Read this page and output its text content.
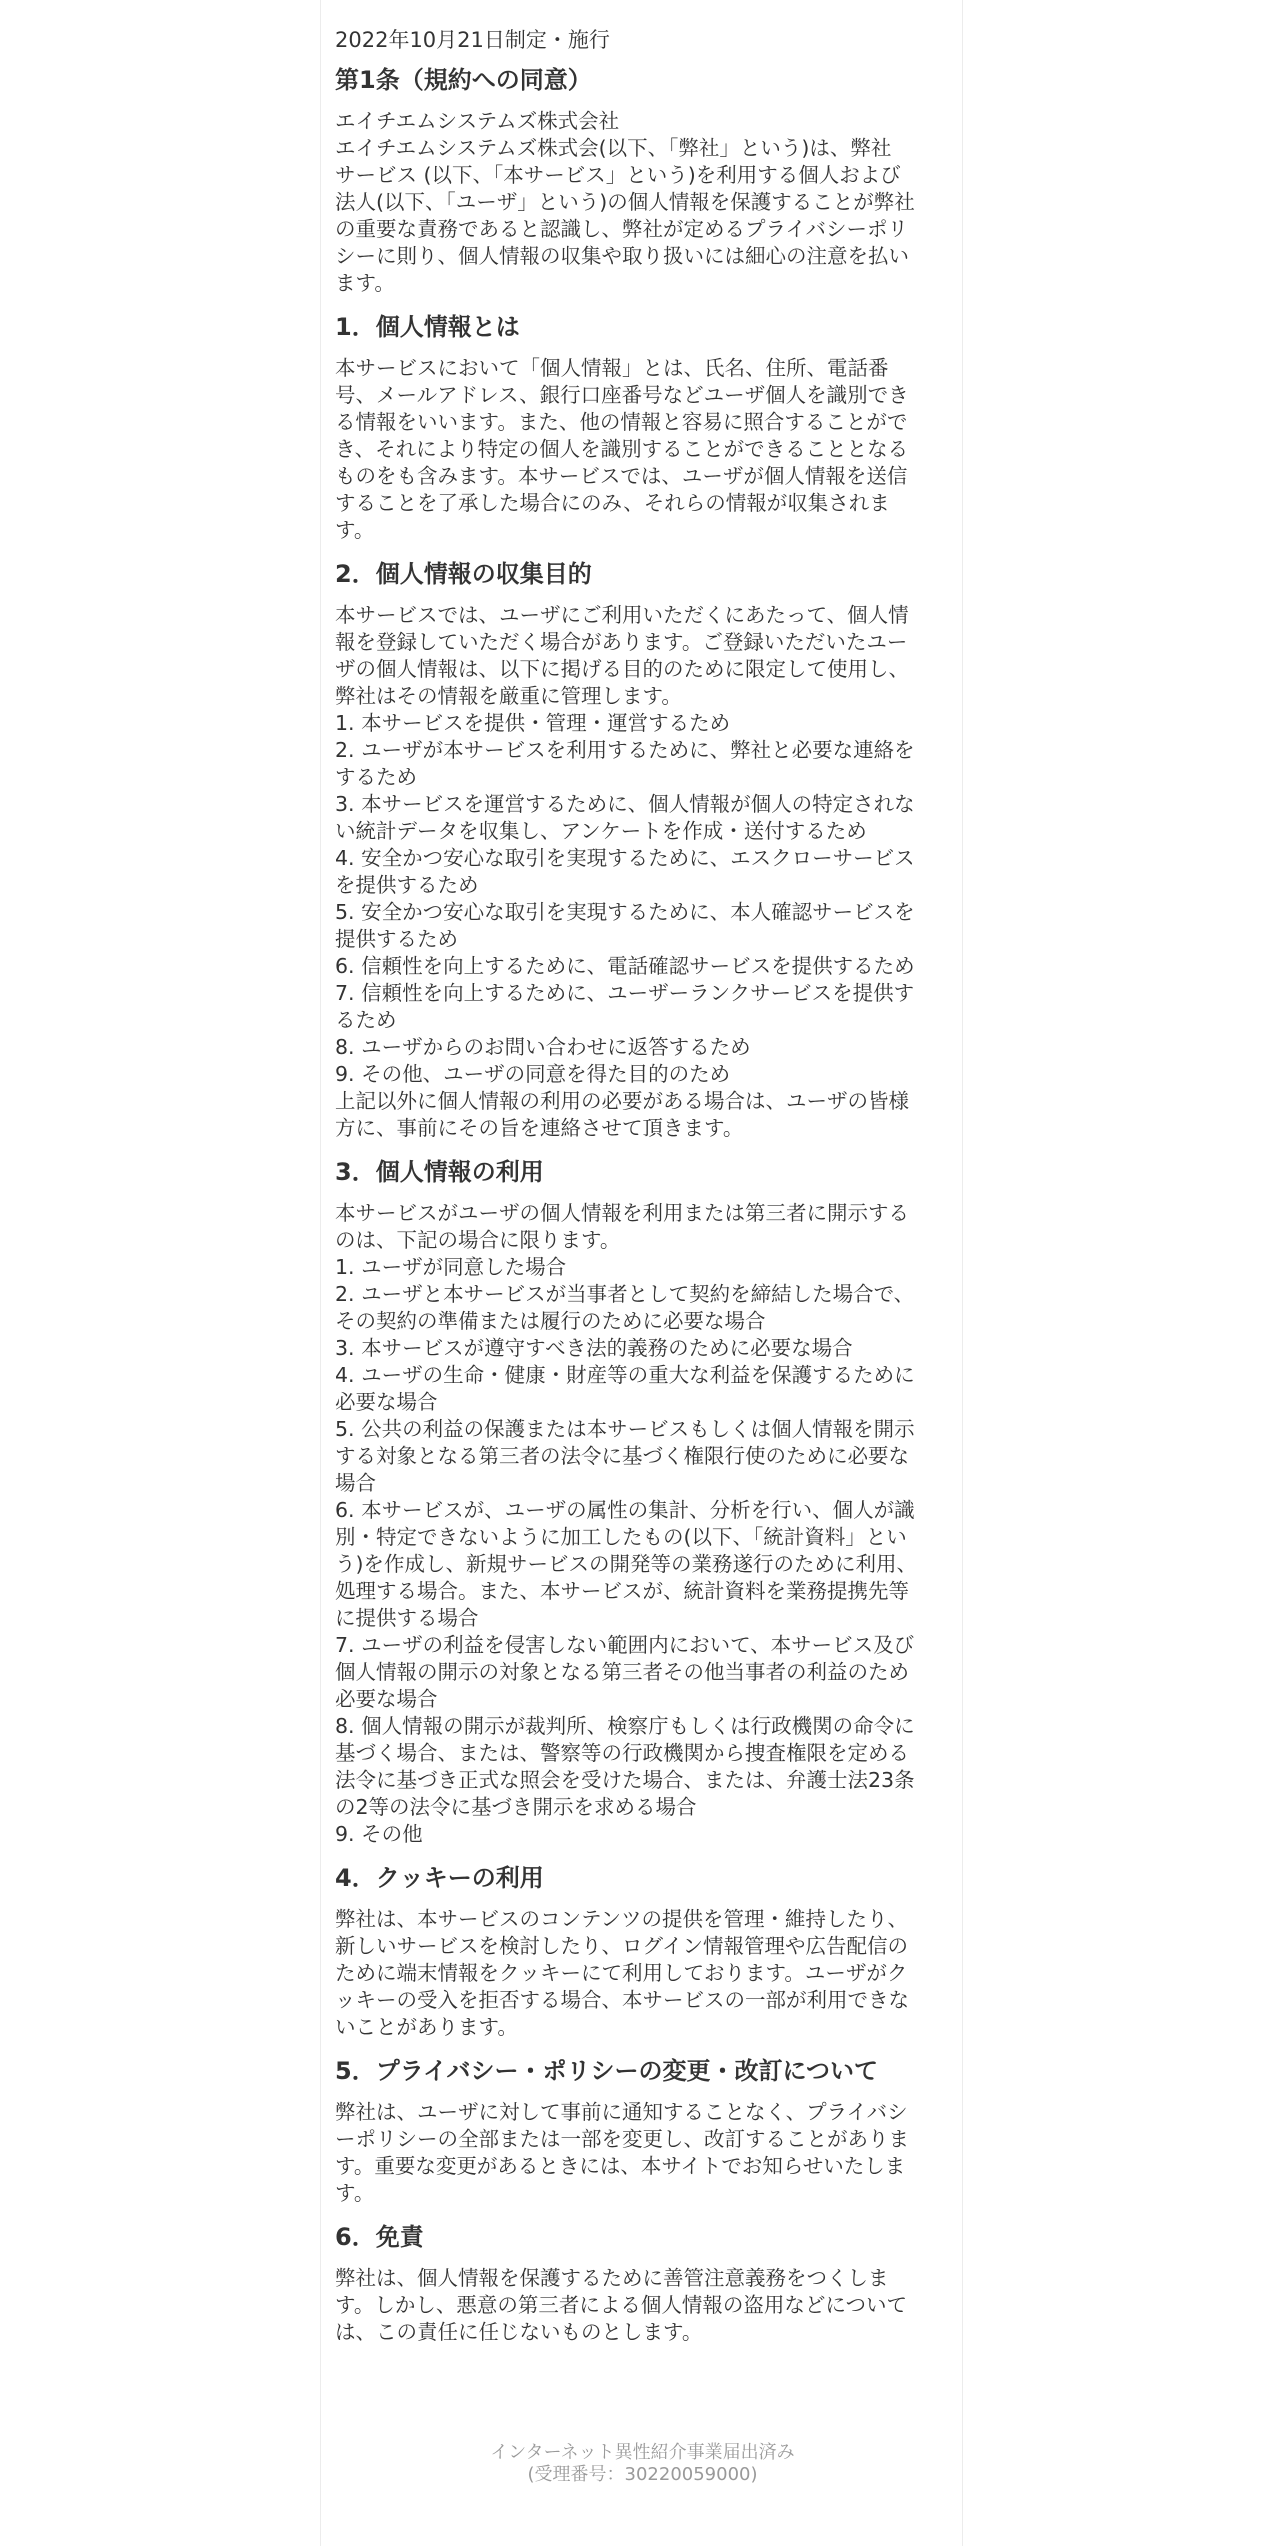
2022年10月21日制定・施行
第1条（規約への同意）
エイチエムシステムズ株式会社
エイチエムシステムズ株式会(以下、「弊社」という)は、弊社
サービス (以下、「本サービス」という)を利用する個人および
法人(以下、「ユーザ」という)の個人情報を保護することが弊社
の重要な責務であると認識し、弊社が定めるプライバシーポリ
シーに則り、個人情報の収集や取り扱いには細心の注意を払い
ます。
1．個人情報とは
本サービスにおいて「個人情報」とは、氏名、住所、電話番
号、メールアドレス、銀行口座番号などユーザ個人を識別でき
る情報をいいます。また、他の情報と容易に照合することがで
き、それにより特定の個人を識別することができることとなる
ものをも含みます。本サービスでは、ユーザが個人情報を送信
することを了承した場合にのみ、それらの情報が収集されま
す。
2．個人情報の収集目的
本サービスでは、ユーザにご利用いただくにあたって、個人情
報を登録していただく場合があります。ご登録いただいたユー
ザの個人情報は、以下に掲げる目的のために限定して使用し、
弊社はその情報を厳重に管理します。
1. 本サービスを提供・管理・運営するため
2. ユーザが本サービスを利用するために、弊社と必要な連絡を
するため
3. 本サービスを運営するために、個人情報が個人の特定されな
い統計データを収集し、アンケートを作成・送付するため
4. 安全かつ安心な取引を実現するために、エスクローサービス
を提供するため
5. 安全かつ安心な取引を実現するために、本人確認サービスを
提供するため
6. 信頼性を向上するために、電話確認サービスを提供するため
7. 信頼性を向上するために、ユーザーランクサービスを提供す
るため
8. ユーザからのお問い合わせに返答するため
9. その他、ユーザの同意を得た目的のため
上記以外に個人情報の利用の必要がある場合は、ユーザの皆様
方に、事前にその旨を連絡させて頂きます。
3．個人情報の利用
本サービスがユーザの個人情報を利用または第三者に開示する
のは、下記の場合に限ります。
1. ユーザが同意した場合
2. ユーザと本サービスが当事者として契約を締結した場合で、
その契約の準備または履行のために必要な場合
3. 本サービスが遵守すべき法的義務のために必要な場合
4. ユーザの生命・健康・財産等の重大な利益を保護するために
必要な場合
5. 公共の利益の保護または本サービスもしくは個人情報を開示
する対象となる第三者の法令に基づく権限行使のために必要な
場合
6. 本サービスが、ユーザの属性の集計、分析を行い、個人が識
別・特定できないように加工したもの(以下、「統計資料」とい
う)を作成し、新規サービスの開発等の業務遂行のために利用、
処理する場合。また、本サービスが、統計資料を業務提携先等
に提供する場合
7. ユーザの利益を侵害しない範囲内において、本サービス及び
個人情報の開示の対象となる第三者その他当事者の利益のため
必要な場合
8. 個人情報の開示が裁判所、検察庁もしくは行政機関の命令に
基づく場合、または、警察等の行政機関から捜査権限を定める
法令に基づき正式な照会を受けた場合、または、弁護士法23条
の2等の法令に基づき開示を求める場合
9. その他
4．クッキーの利用
弊社は、本サービスのコンテンツの提供を管理・維持したり、
新しいサービスを検討したり、ログイン情報管理や広告配信の
ために端末情報をクッキーにて利用しております。ユーザがク
ッキーの受入を拒否する場合、本サービスの一部が利用できな
いことがあります。
5．プライバシー・ポリシーの変更・改訂について
弊社は、ユーザに対して事前に通知することなく、プライバシ
ーポリシーの全部または一部を変更し、改訂することがありま
す。重要な変更があるときには、本サイトでお知らせいたしま
す。
6．免責
弊社は、個人情報を保護するために善管注意義務をつくしま
す。しかし、悪意の第三者による個人情報の盗用などについて
は、この責任に任じないものとします。
インターネット異性紹介事業届出済み
(受理番号：30220059000)
